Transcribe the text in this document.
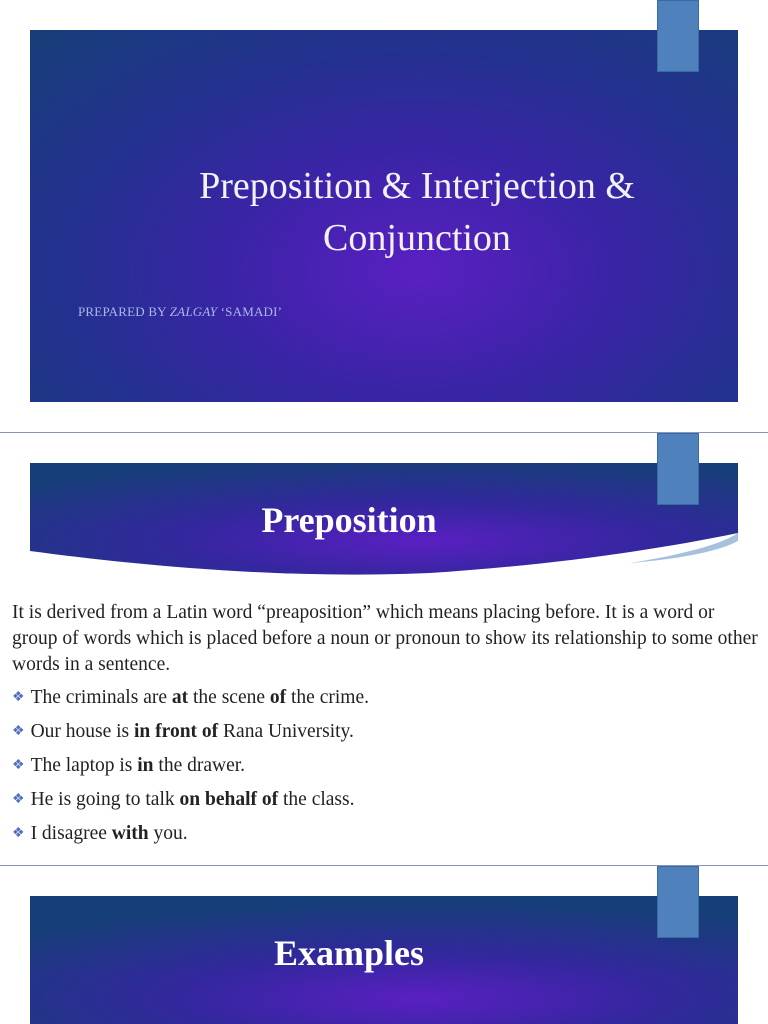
Preposition & Interjection &
Conjunction
PREPARED BY ZALGAY ‘SAMADI’
Preposition
It is derived from a Latin word “preaposition” which means placing before. It is a word or group of words which is placed before a noun or pronoun to show its relationship to some other words in a sentence.
❖ The criminals are at the scene of the crime.
❖ Our house is in front of Rana University.
❖ The laptop is in the drawer.
❖ He is going to talk on behalf of the class.
❖ I disagree with you.
Examples
